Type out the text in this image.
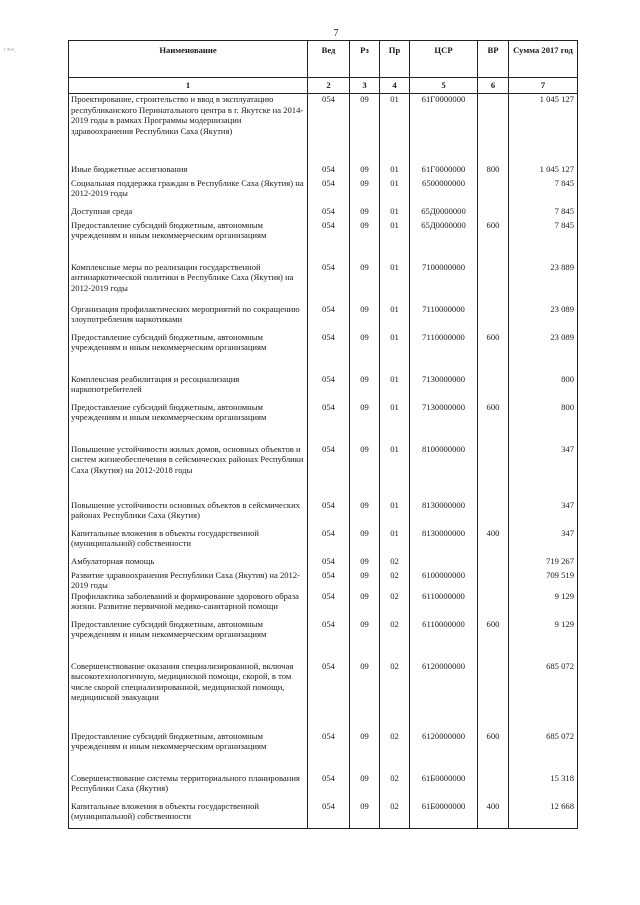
7
ᴵ ⁴ᴸᵉᵒ.	Наименование	Вед	Рз	Пр	ЦСР	ВР	Сумма 2017 год
1	2	3	4	5	6	7
Проектирование, строительство и ввод в эксплуатацию республиканского Перинатального центра в г. Якутске на 2014-2019 годы в рамках Программы модернизации здравоохранения Республики Саха (Якутия)	054	09	01	61Г0000000		1 045 127
Иные бюджетные ассигнования	054	09	01	61Г0000000	800	1 045 127
Социальная поддержка граждан в Республике Саха (Якутия) на 2012-2019 годы	054	09	01	6500000000		7 845
Доступная среда	054	09	01	65Д0000000		7 845
Предоставление субсидий бюджетным, автономным учреждениям и иным некоммерческим организациям	054	09	01	65Д0000000	600	7 845
Комплексные меры по реализации государственной антинаркотической политики в Республике Саха (Якутия) на 2012-2019 годы	054	09	01	7100000000		23 889
Организация профилактических мероприятий по сокращению злоупотребления наркотиками	054	09	01	7110000000		23 089
Предоставление субсидий бюджетным, автономным учреждениям и иным некоммерческим организациям	054	09	01	7110000000	600	23 089
Комплексная реабилитация и ресоциализация наркопотребителей	054	09	01	7130000000		800
Предоставление субсидий бюджетным, автономным учреждениям и иным некоммерческим организациям	054	09	01	7130000000	600	800
Повышение устойчивости жилых домов, основных объектов и систем жизнеобеспечения в сейсмических районах Республики Саха (Якутия) на 2012-2018 годы	054	09	01	8100000000		347
Повышение устойчивости основных объектов в сейсмических районах Республики Саха (Якутия)	054	09	01	8130000000		347
Капитальные вложения в объекты государственной (муниципальной) собственности	054	09	01	8130000000	400	347
Амбулаторная помощь	054	09	02			719 267
Развитие здравоохранения Республики Саха (Якутия) на 2012-2019 годы	054	09	02	6100000000		709 519
Профилактика заболеваний и формирование здорового образа жизни. Развитие первичной медико-санитарной помощи	054	09	02	6110000000		9 129
Предоставление субсидий бюджетным, автономным учреждениям и иным некоммерческим организациям	054	09	02	6110000000	600	9 129
Совершенствование оказания специализированной, включая высокотехнологичную, медицинской помощи, скорой, в том числе скорой специализированной, медицинской помощи, медицинской эвакуации	054	09	02	6120000000		685 072
Предоставление субсидий бюджетным, автономным учреждениям и иным некоммерческим организациям	054	09	02	6120000000	600	685 072
Совершенствование системы территориального планирования Республики Саха (Якутия)	054	09	02	61Б0000000		15 318
Капитальные вложения в объекты государственной (муниципальной) собственности	054	09	02	61Б0000000	400	12 668
